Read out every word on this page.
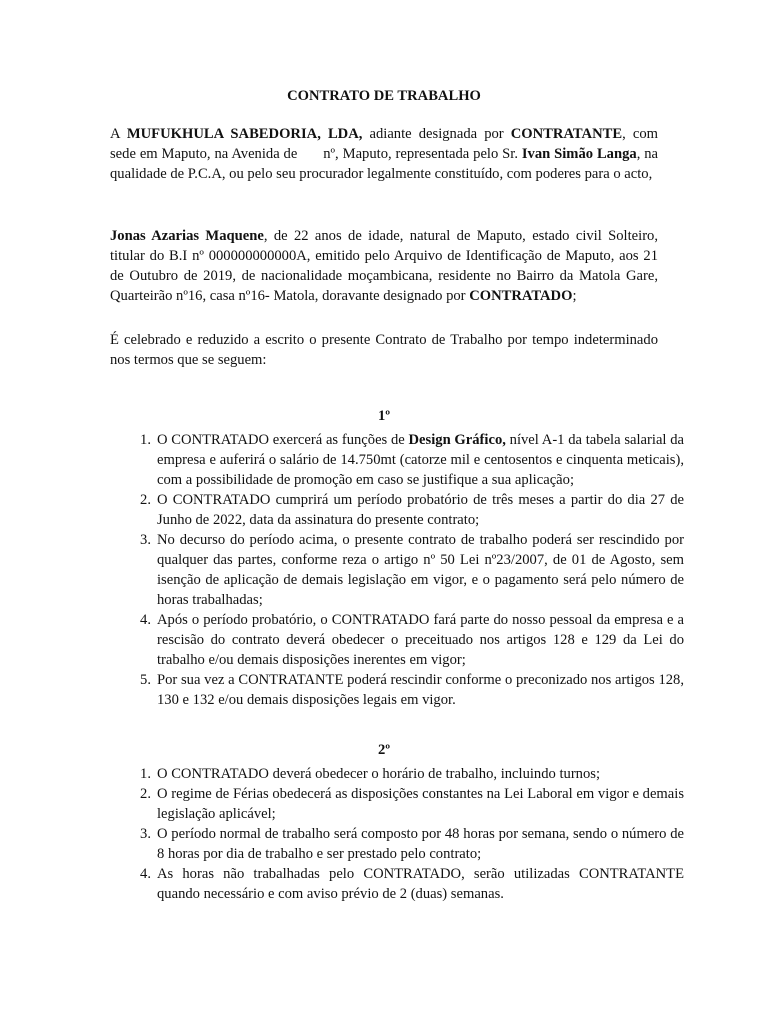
CONTRATO DE TRABALHO

A MUFUKHULA SABEDORIA, LDA, adiante designada por CONTRATANTE, com sede em Maputo, na Avenida de nº, Maputo, representada pelo Sr. Ivan Simão Langa, na qualidade de P.C.A, ou pelo seu procurador legalmente constituído, com poderes para o acto,

Jonas Azarias Maquene, de 22 anos de idade, natural de Maputo, estado civil Solteiro, titular do B.I nº 000000000000A, emitido pelo Arquivo de Identificação de Maputo, aos 21 de Outubro de 2019, de nacionalidade moçambicana, residente no Bairro da Matola Gare, Quarteirão nº16, casa nº16- Matola, doravante designado por CONTRATADO;

É celebrado e reduzido a escrito o presente Contrato de Trabalho por tempo indeterminado nos termos que se seguem:

1º
1. O CONTRATADO exercerá as funções de Design Gráfico, nível A-1 da tabela salarial da empresa e auferirá o salário de 14.750mt (catorze mil e centosentos e cinquenta meticais), com a possibilidade de promoção em caso se justifique a sua aplicação;
2. O CONTRATADO cumprirá um período probatório de três meses a partir do dia 27 de Junho de 2022, data da assinatura do presente contrato;
3. No decurso do período acima, o presente contrato de trabalho poderá ser rescindido por qualquer das partes, conforme reza o artigo nº 50 Lei nº23/2007, de 01 de Agosto, sem isenção de aplicação de demais legislação em vigor, e o pagamento será pelo número de horas trabalhadas;
4. Após o período probatório, o CONTRATADO fará parte do nosso pessoal da empresa e a rescisão do contrato deverá obedecer o preceituado nos artigos 128 e 129 da Lei do trabalho e/ou demais disposições inerentes em vigor;
5. Por sua vez a CONTRATANTE poderá rescindir conforme o preconizado nos artigos 128, 130 e 132 e/ou demais disposições legais em vigor.
2º
1. O CONTRATADO deverá obedecer o horário de trabalho, incluindo turnos;
2. O regime de Férias obedecerá as disposições constantes na Lei Laboral em vigor e demais legislação aplicável;
3. O período normal de trabalho será composto por 48 horas por semana, sendo o número de 8 horas por dia de trabalho e ser prestado pelo contrato;
4. As horas não trabalhadas pelo CONTRATADO, serão utilizadas CONTRATANTE quando necessário e com aviso prévio de 2 (duas) semanas.
